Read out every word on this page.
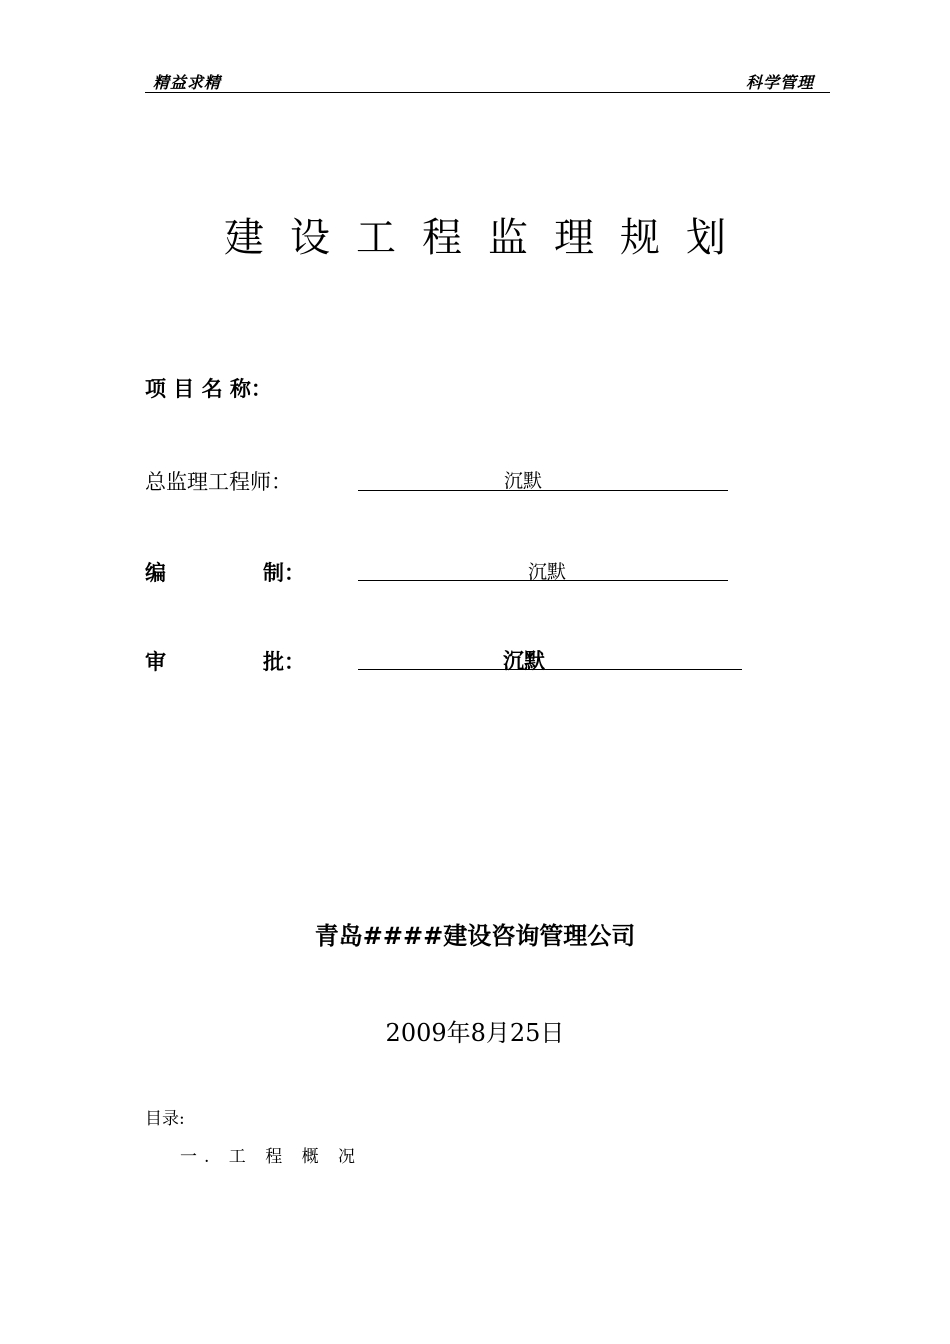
精益求精	科学管理
建设工程监理规划
项 目 名 称：
总监理工程师：	沉默
编	制：	沉默
审	批：	沉默
青岛####建设咨询管理公司
2009年8月25日
目录:
一. 工 程 概 况
